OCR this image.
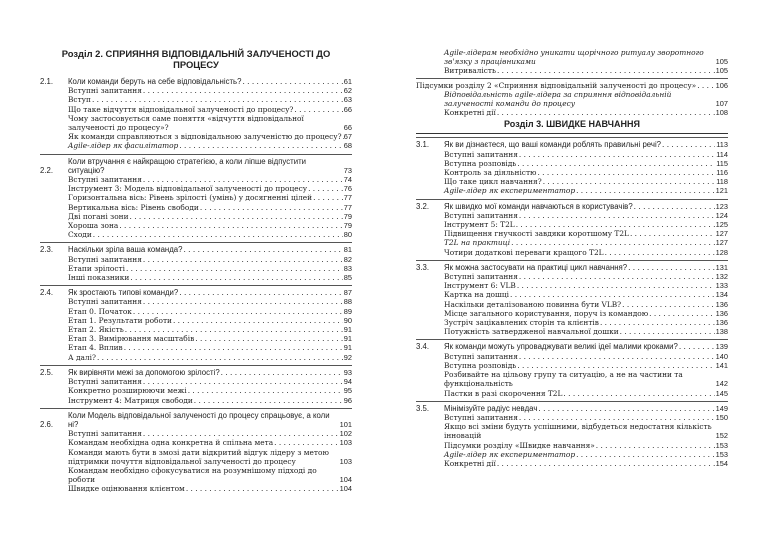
Розділ 2. СПРИЯННЯ ВІДПОВІДАЛЬНІЙ ЗАЛУЧЕНОСТІ ДО ПРОЦЕСУ
2.1.	Коли команди беруть на себе відповідальність? . . .	61
Вступні запитання . . .	62
Вступ . . .	63
Що таке відчуття відповідальної залученості до процесу? . . .	66
Чому застосовується саме поняття «відчуття відповідальної залученості до процесу»?	66
Як команди справляються з відповідальною залученістю до процесу? . . . 67
Agile-лідер як фасилітатор . . .	68
2.2.
Коли втручання є найкращою стратегією, а коли ліпше відпустити ситуацію?	73
Вступні запитання . . .	74
Інструмент 3: Модель відповідальної залученості до процесу . . .	76
Горизонтальна вісь: Рівень зрілості (умінь) у досягненні цілей . . .	77
Вертикальна вісь: Рівень свободи . . .	77
Дві погані зони . . .	79
Хороша зона . . .	79
Сходи . . .	80
2.3.	Наскільки зріла ваша команда? . . .	81
Вступні запитання . . .	82
Етапи зрілості . . .	83
Інші показники . . .	85
2.4.	Як зростають типові команди? . . .	87
Вступні запитання . . .	88
Етап 0. Початок . . .	89
Етап 1. Результати роботи . . .	90
Етап 2. Якість . . .	91
Етап 3. Вимірювання масштабів . . .	91
Етап 4. Вплив . . .	91
А далі? . . .	92
2.5.	Як вирівняти межі за допомогою зрілості? . . .	93
Вступні запитання . . .	94
Конкретно розширюючи межі . . .	95
Інструмент 4: Матриця свободи . . .	96
2.6.
Коли Модель відповідальної залученості до процесу спрацьовує, а коли ні?	101
Вступні запитання . . .	102
Командам необхідна одна конкретна й спільна мета . . .	103
Команди мають бути в змозі дати відкритий відгук лідеру з метою підтримки почуття відповідальної залученості до процесу	103
Командам необхідно сфокусуватися на розумнішому підході до роботи	104
Швидке оцінювання клієнтом . . .	104
Agile-лідерам необхідно уникати щорічного ритуалу зворотного зв'язку з працівниками	105
Витривалість . . .	105
Підсумки розділу 2 «Сприяння відповідальній залученості до процесу» . . .	106
Відповідальність agile-лідера за сприяння відповідальній залученості команди до процесу	107
Конкретні дії . . .	108
Розділ 3. ШВИДКЕ НАВЧАННЯ
3.1.	Як ви дізнаєтеся, що ваші команди роблять правильні речі? . . .	113
Вступні запитання . . .	114
Вступна розповідь . . .	115
Контроль за діяльністю . . .	116
Що таке цикл навчання? . . .	118
Agile-лідер як експериментатор . . .	121
3.2.	Як швидко мої команди навчаються в користувачів? . . .	123
Вступні запитання . . .	124
Інструмент 5: T2L . . .	125
Підвищення гнучкості завдяки коротшому T2L . . .	127
T2L на практиці . . .	127
Чотири додаткові переваги кращого T2L . . .	128
3.3.	Як можна застосувати на практиці цикл навчання? . . .	131
Вступні запитання . . .	132
Інструмент 6: VLB . . .	133
Картка на дошці . . .	134
Наскільки деталізованою повинна бути VLB? . . .	136
Місце загального користування, поруч із командою . . .	136
Зустріч зацікавлених сторін та клієнтів . . .	136
Потужність затвердженої навчальної дошки . . .	138
3.4.	Як команди можуть упроваджувати великі ідеї малими кроками? . . .	139
Вступні запитання . . .	140
Вступна розповідь . . .	141
Розбивайте на цільову групу та ситуацію, а не на частини та функціональність	142
Пастки в разі скорочення T2L . . .	145
3.5.	Мінімізуйте радіус невдач . . .	149
Вступні запитання . . .	150
Якщо всі зміни будуть успішними, відбудеться недостатня кількість інновацій	152
Підсумки розділу «Швидке навчання» . . .	153
Agile-лідер як експериментатор . . .	153
Конкретні дії . . .	154
